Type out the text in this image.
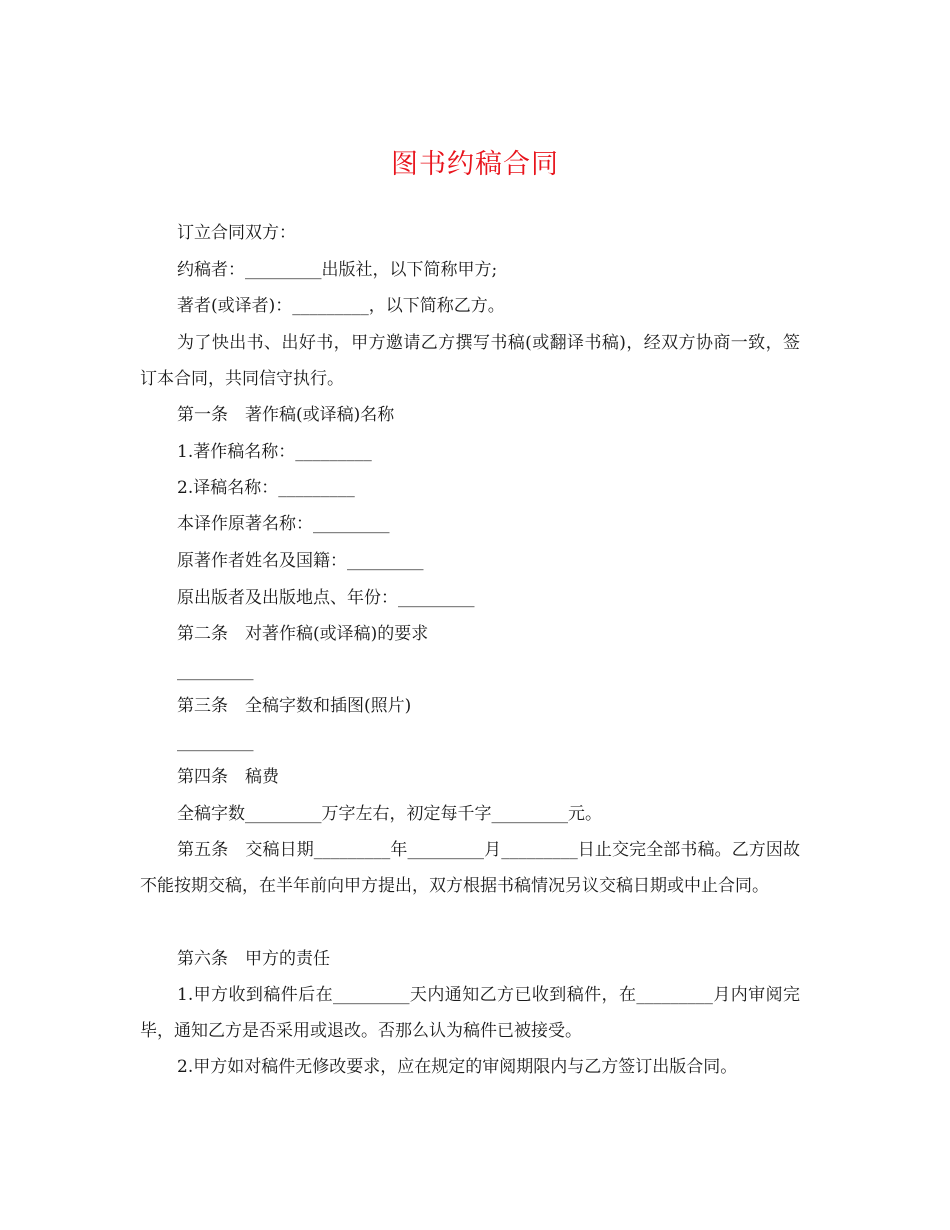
图书约稿合同

订立合同双方：

约稿者：_________出版社，以下简称甲方;

著者(或译者)：_________，以下简称乙方。

为了快出书、出好书，甲方邀请乙方撰写书稿(或翻译书稿)，经双方协商一致，签订本合同，共同信守执行。

第一条　著作稿(或译稿)名称

1.著作稿名称：_________

2.译稿名称：_________

本译作原著名称：_________

原著作者姓名及国籍：_________

原出版者及出版地点、年份：_________

第二条　对著作稿(或译稿)的要求

_________

第三条　全稿字数和插图(照片)

_________

第四条　稿费

全稿字数_________万字左右，初定每千字_________元。

第五条　交稿日期_________年_________月_________日止交完全部书稿。乙方因故不能按期交稿，在半年前向甲方提出，双方根据书稿情况另议交稿日期或中止合同。

第六条　甲方的责任

1.甲方收到稿件后在_________天内通知乙方已收到稿件，在_________月内审阅完毕，通知乙方是否采用或退改。否那么认为稿件已被接受。

2.甲方如对稿件无修改要求，应在规定的审阅期限内与乙方签订出版合同。
